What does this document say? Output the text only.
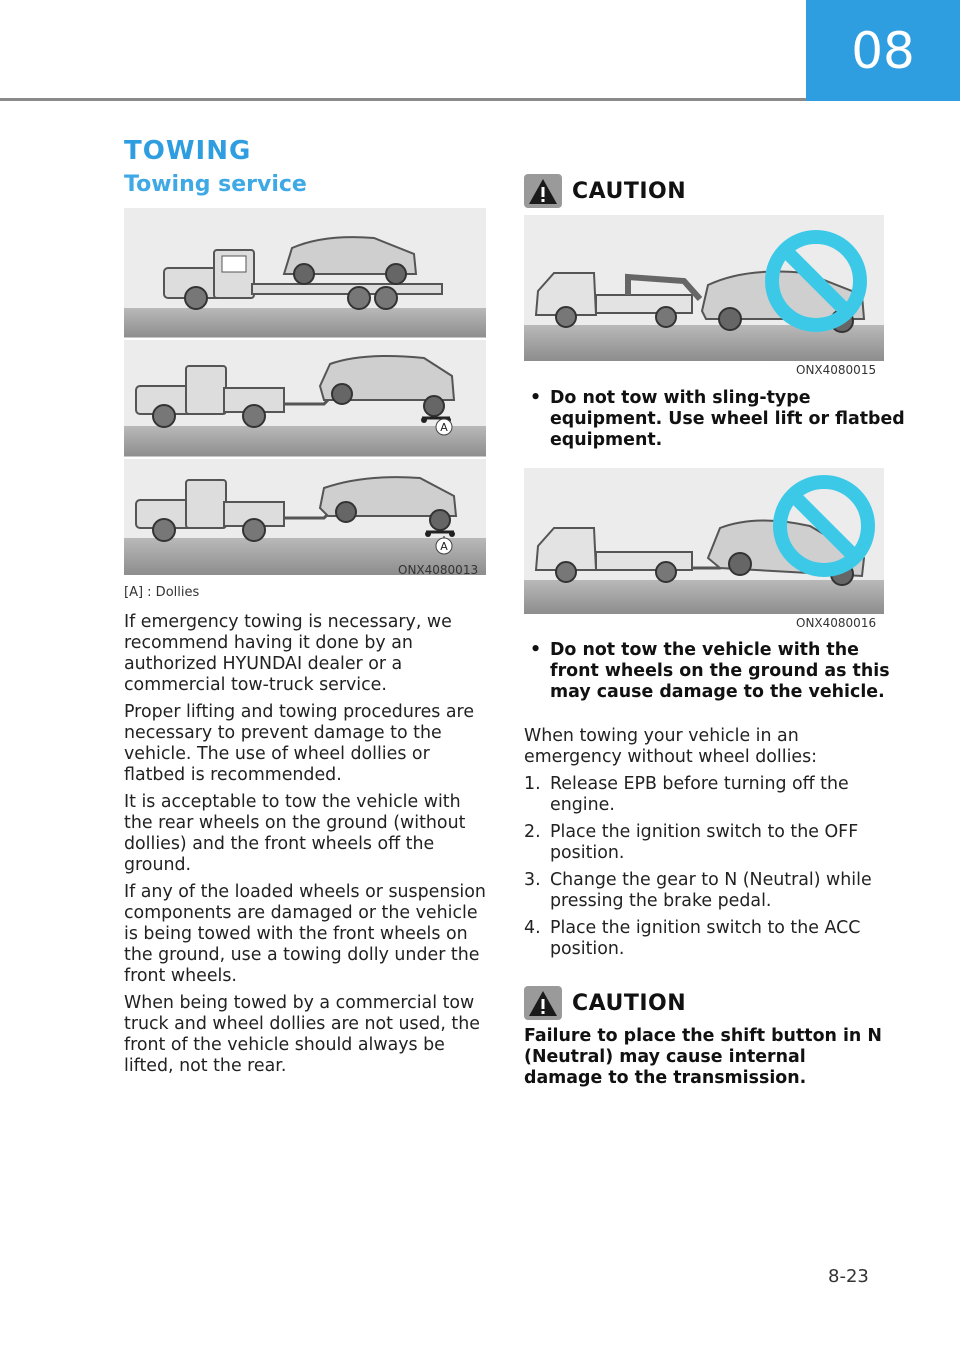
08
TOWING
Towing service
A
A
ONX4080013
[A] : Dollies

If emergency towing is necessary, we recommend having it done by an authorized HYUNDAI dealer or a commercial tow-truck service.

Proper lifting and towing procedures are necessary to prevent damage to the vehicle. The use of wheel dollies or flatbed is recommended.

It is acceptable to tow the vehicle with the rear wheels on the ground (without dollies) and the front wheels off the ground.

If any of the loaded wheels or suspension components are damaged or the vehicle is being towed with the front wheels on the ground, use a towing dolly under the front wheels.

When being towed by a commercial tow truck and wheel dollies are not used, the front of the vehicle should always be lifted, not the rear.

CAUTION
ONX4080015
• Do not tow with sling-type equipment. Use wheel lift or flatbed equipment.
ONX4080016
• Do not tow the vehicle with the front wheels on the ground as this may cause damage to the vehicle.
When towing your vehicle in an emergency without wheel dollies:
1. Release EPB before turning off the engine.
2. Place the ignition switch to the OFF position.
3. Change the gear to N (Neutral) while pressing the brake pedal.
4. Place the ignition switch to the ACC position.
CAUTION
Failure to place the shift button in N (Neutral) may cause internal damage to the transmission.
8-23
